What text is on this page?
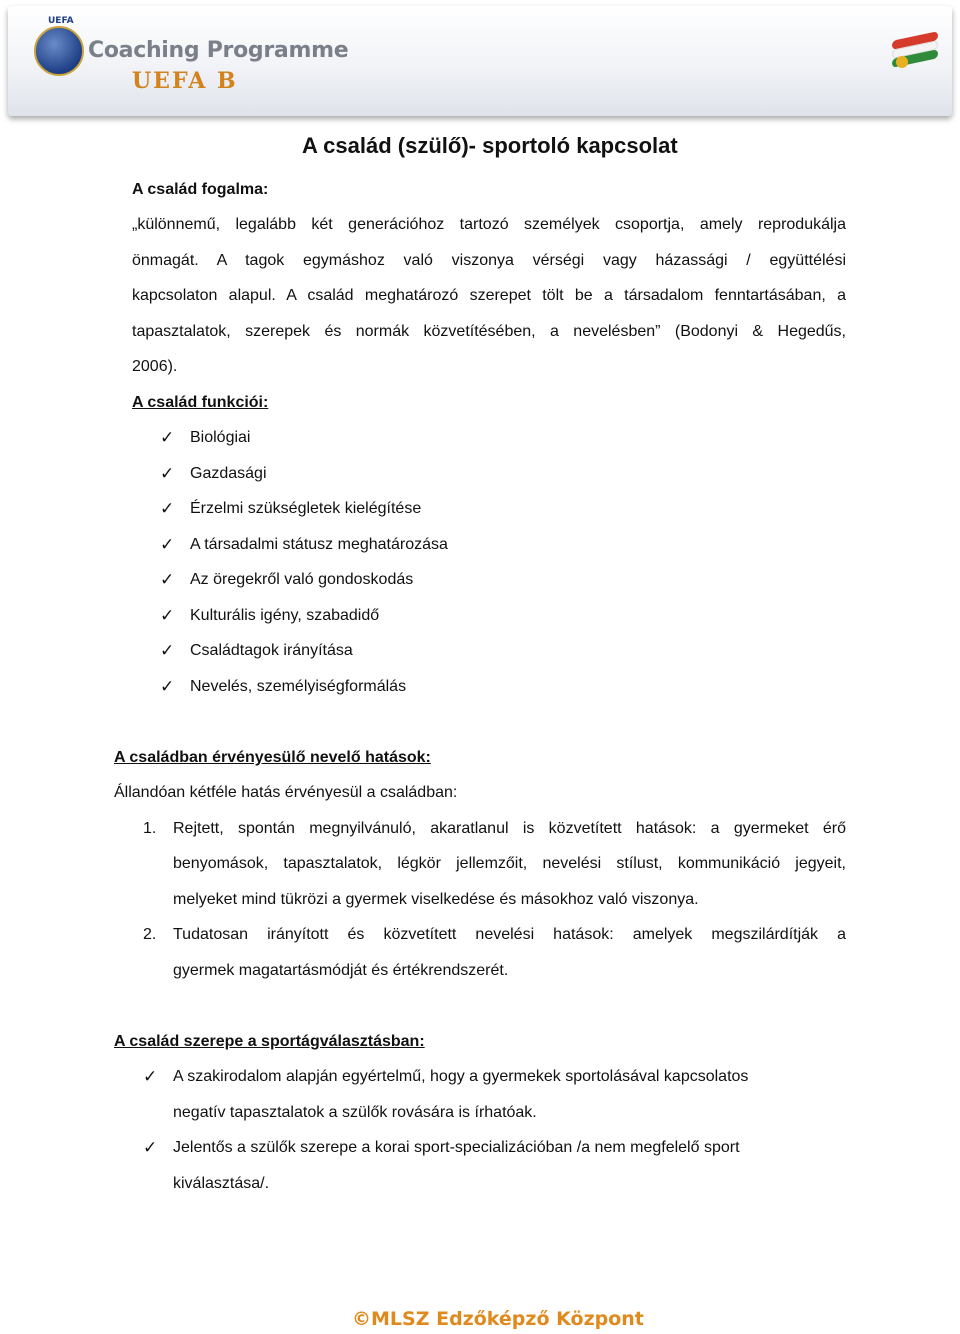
UEFA
Coaching Programme
UEFA B
A család (szülő)- sportoló kapcsolat
A család fogalma:
„különnemű, legalább két generációhoz tartozó személyek csoportja, amely reprodukálja
önmagát. A tagok egymáshoz való viszonya vérségi vagy házassági / együttélési
kapcsolaton alapul. A család meghatározó szerepet tölt be a társadalom fenntartásában, a
tapasztalatok, szerepek és normák közvetítésében, a nevelésben” (Bodonyi & Hegedűs,
2006).
A család funkciói:
✓ Biológiai
✓ Gazdasági
✓ Érzelmi szükségletek kielégítése
✓ A társadalmi státusz meghatározása
✓ Az öregekről való gondoskodás
✓ Kulturális igény, szabadidő
✓ Családtagok irányítása
✓ Nevelés, személyiségformálás
A családban érvényesülő nevelő hatások:
Állandóan kétféle hatás érvényesül a családban:
1. Rejtett, spontán megnyilvánuló, akaratlanul is közvetített hatások: a gyermeket érő
benyomások, tapasztalatok, légkör jellemzőit, nevelési stílust, kommunikáció jegyeit,
melyeket mind tükrözi a gyermek viselkedése és másokhoz való viszonya.
2. Tudatosan irányított és közvetített nevelési hatások: amelyek megszilárdítják a
gyermek magatartásmódját és értékrendszerét.
A család szerepe a sportágválasztásban:
✓ A szakirodalom alapján egyértelmű, hogy a gyermekek sportolásával kapcsolatos
negatív tapasztalatok a szülők rovására is írhatóak.
✓ Jelentős a szülők szerepe a korai sport-specializációban /a nem megfelelő sport
kiválasztása/.
©MLSZ Edzőképző Központ
